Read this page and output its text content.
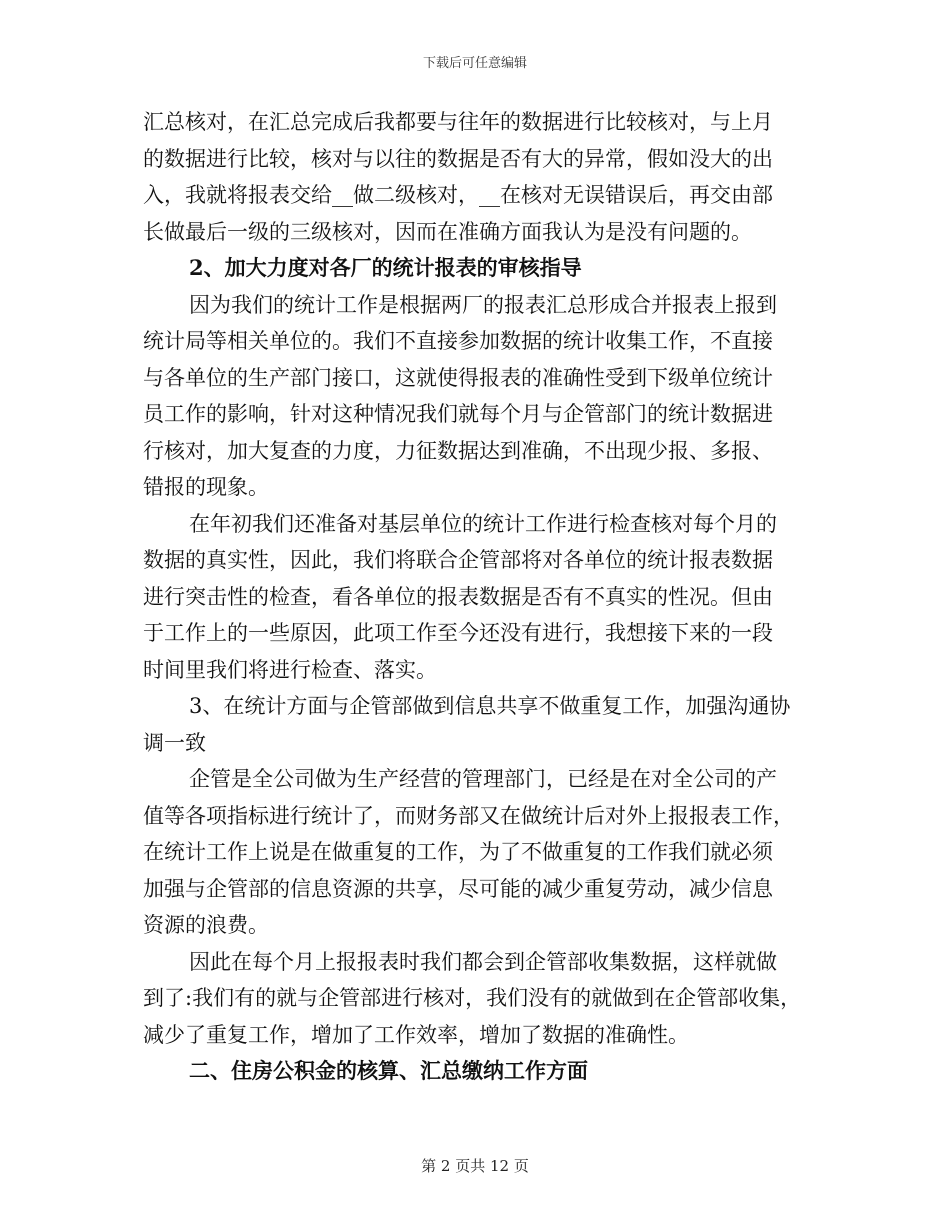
下载后可任意编辑
汇总核对，在汇总完成后我都要与往年的数据进行比较核对，与上月
的数据进行比较，核对与以往的数据是否有大的异常，假如没大的出
入，我就将报表交给__做二级核对，__在核对无误错误后，再交由部
长做最后一级的三级核对，因而在准确方面我认为是没有问题的。
2、加大力度对各厂的统计报表的审核指导
因为我们的统计工作是根据两厂的报表汇总形成合并报表上报到
统计局等相关单位的。我们不直接参加数据的统计收集工作，不直接
与各单位的生产部门接口，这就使得报表的准确性受到下级单位统计
员工作的影响，针对这种情况我们就每个月与企管部门的统计数据进
行核对，加大复查的力度，力征数据达到准确，不出现少报、多报、
错报的现象。
在年初我们还准备对基层单位的统计工作进行检查核对每个月的
数据的真实性，因此，我们将联合企管部将对各单位的统计报表数据
进行突击性的检查，看各单位的报表数据是否有不真实的性况。但由
于工作上的一些原因，此项工作至今还没有进行，我想接下来的一段
时间里我们将进行检查、落实。
3、在统计方面与企管部做到信息共享不做重复工作，加强沟通协
调一致
企管是全公司做为生产经营的管理部门，已经是在对全公司的产
值等各项指标进行统计了，而财务部又在做统计后对外上报报表工作，
在统计工作上说是在做重复的工作，为了不做重复的工作我们就必须
加强与企管部的信息资源的共享，尽可能的减少重复劳动，减少信息
资源的浪费。
因此在每个月上报报表时我们都会到企管部收集数据，这样就做
到了:我们有的就与企管部进行核对，我们没有的就做到在企管部收集，
减少了重复工作，增加了工作效率，增加了数据的准确性。
二、住房公积金的核算、汇总缴纳工作方面
第 2 页共 12 页
